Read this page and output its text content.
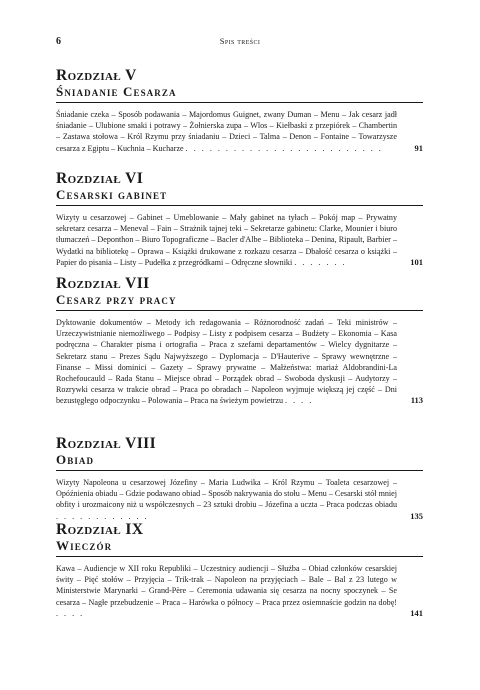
6	Spis treści
Rozdział V
Śniadanie Cesarza

Śniadanie czeka – Sposób podawania – Majordomus Guignet, zwany Duman – Menu – Jak cesarz jadł śniadanie – Ulubione smaki i potrawy – Żołnierska zupa – Wlos – Kiełbaski z przepiórek – Chambertin – Zastawa stołowa – Król Rzymu przy śniadaniu – Dzieci – Talma – Denon – Fontaine – Towarzysze cesarza z Egiptu – Kuchnia – Kucharze . . . . . . . . . . . . . . . . . . . . . . . . .	91

Rozdział VI
Cesarski gabinet

Wizyty u cesarzowej – Gabinet – Umeblowanie – Mały gabinet na tyłach – Pokój map – Prywatny sekretarz cesarza – Meneval – Fain – Strażnik tajnej teki – Sekretarze gabinetu: Clarke, Mounier i biuro tłumaczeń – Deponthon – Biuro Topograficzne – Bacler d'Albe – Biblioteka – Denina, Ripault, Barbier – Wydatki na bibliotekę – Oprawa – Książki drukowane z rozkazu cesarza – Dbałość cesarza o książki – Papier do pisania – Listy – Pudełka z przegródkami – Odręczne słowniki . . . . . . .	101

Rozdział VII
Cesarz przy pracy

Dyktowanie dokumentów – Metody ich redagowania – Różnorodność zadań – Teki ministrów – Urzeczywistnianie niemożliwego – Podpisy – Listy z podpisem cesarza – Budżety – Ekonomia – Kasa podręczna – Charakter pisma i ortografia – Praca z szefami departamentów – Wielcy dygnitarze – Sekretarz stanu – Prezes Sądu Najwyższego – Dyplomacja – D'Hauterive – Sprawy wewnętrzne – Finanse – Missi dominici – Gazety – Sprawy prywatne – Małżeństwa: mariaż Aldobrandini-La Rochefoucauld – Rada Stanu – Miejsce obrad – Porządek obrad – Swoboda dyskusji – Audytorzy – Rozrywki cesarza w trakcie obrad – Praca po obradach – Napoleon wyjmuje większą jej część – Dni bezustęgłego odpoczynku – Polowania – Praca na świeżym powietrzu . . . .	113

Rozdział VIII
Obiad

Wizyty Napoleona u cesarzowej Józefiny – Maria Ludwika – Król Rzymu – Toaleta cesarzowej – Opóźnienia obiadu – Gdzie podawano obiad – Sposób nakrywania do stołu – Menu – Cesarski stół mniej obfity i urozmaicony niż u współczesnych – 23 sztuki drobiu – Józefina a uczta – Praca podczas obiadu . . . . . . . . . . . .	135

Rozdział IX
Wieczór

Kawa – Audiencje w XII roku Republiki – Uczestnicy audiencji – Służba – Obiad członków cesarskiej świty – Pięć stołów – Przyjęcia – Trik-trak – Napoleon na przyjęciach – Bale – Bal z 23 lutego w Ministerstwie Marynarki – Grand-Père – Ceremonia udawania się cesarza na nocny spoczynek – Se cesarza – Nagłe przebudzenie – Praca – Harówka o północy – Praca przez osiemnaście godzin na dobę! . . . .	141
